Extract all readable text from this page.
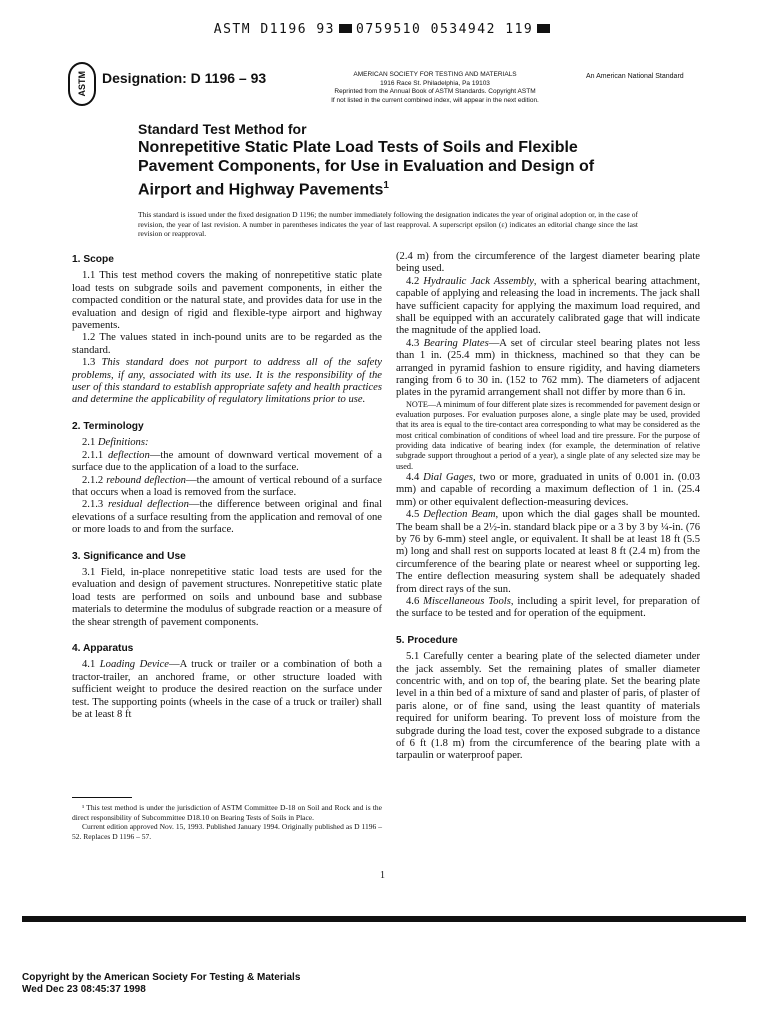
ASTM D1196 93 0759510 0534942 119
ASTM Designation: D 1196 – 93	AMERICAN SOCIETY FOR TESTING AND MATERIALS
1916 Race St. Philadelphia, Pa 19103
Reprinted from the Annual Book of ASTM Standards. Copyright ASTM
If not listed in the current combined index, will appear in the next edition.
An American National Standard
Standard Test Method for
Nonrepetitive Static Plate Load Tests of Soils and Flexible
Pavement Components, for Use in Evaluation and Design of
Airport and Highway Pavements$^1$
This standard is issued under the fixed designation D 1196; the number immediately following the designation indicates the year of original adoption or, in the case of revision, the year of last revision. A number in parentheses indicates the year of last reapproval. A superscript epsilon (ε) indicates an editorial change since the last revision or reapproval.
1. Scope

1.1 This test method covers the making of nonrepetitive static plate load tests on subgrade soils and pavement components, in either the compacted condition or the natural state, and provides data for use in the evaluation and design of rigid and flexible-type airport and highway pavements.

1.2 The values stated in inch-pound units are to be regarded as the standard.

1.3 This standard does not purport to address all of the safety problems, if any, associated with its use. It is the responsibility of the user of this standard to establish appropriate safety and health practices and determine the applicability of regulatory limitations prior to use.

2. Terminology

2.1 Definitions:

2.1.1 deflection—the amount of downward vertical movement of a surface due to the application of a load to the surface.

2.1.2 rebound deflection—the amount of vertical rebound of a surface that occurs when a load is removed from the surface.

2.1.3 residual deflection—the difference between original and final elevations of a surface resulting from the application and removal of one or more loads to and from the surface.

3. Significance and Use

3.1 Field, in-place nonrepetitive static load tests are used for the evaluation and design of pavement structures. Nonrepetitive static plate load tests are performed on soils and unbound base and subbase materials to determine the modulus of subgrade reaction or a measure of the shear strength of pavement components.

4. Apparatus

4.1 Loading Device—A truck or trailer or a combination of both a tractor-trailer, an anchored frame, or other structure loaded with sufficient weight to produce the desired reaction on the surface under test. The supporting points (wheels in the case of a truck or trailer) shall be at least 8 ft

¹ This test method is under the jurisdiction of ASTM Committee D-18 on Soil and Rock and is the direct responsibility of Subcommittee D18.10 on Bearing Tests of Soils in Place.

Current edition approved Nov. 15, 1993. Published January 1994. Originally published as D 1196 – 52. Replaces D 1196 – 57.

(2.4 m) from the circumference of the largest diameter bearing plate being used.

4.2 Hydraulic Jack Assembly, with a spherical bearing attachment, capable of applying and releasing the load in increments. The jack shall have sufficient capacity for applying the maximum load required, and shall be equipped with an accurately calibrated gage that will indicate the magnitude of the applied load.

4.3 Bearing Plates—A set of circular steel bearing plates not less than 1 in. (25.4 mm) in thickness, machined so that they can be arranged in pyramid fashion to ensure rigidity, and having diameters ranging from 6 to 30 in. (152 to 762 mm). The diameters of adjacent plates in the pyramid arrangement shall not differ by more than 6 in.

NOTE—A minimum of four different plate sizes is recommended for pavement design or evaluation purposes. For evaluation purposes alone, a single plate may be used, provided that its area is equal to the tire-contact area corresponding to what may be considered as the most critical combination of conditions of wheel load and tire pressure. For the purpose of providing data indicative of bearing index (for example, the determination of relative subgrade support throughout a period of a year), a single plate of any selected size may be used.

4.4 Dial Gages, two or more, graduated in units of 0.001 in. (0.03 mm) and capable of recording a maximum deflection of 1 in. (25.4 mm) or other equivalent deflection-measuring devices.

4.5 Deflection Beam, upon which the dial gages shall be mounted. The beam shall be a 2½-in. standard black pipe or a 3 by 3 by ¼-in. (76 by 76 by 6-mm) steel angle, or equivalent. It shall be at least 18 ft (5.5 m) long and shall rest on supports located at least 8 ft (2.4 m) from the circumference of the bearing plate or nearest wheel or supporting leg. The entire deflection measuring system shall be adequately shaded from direct rays of the sun.

4.6 Miscellaneous Tools, including a spirit level, for preparation of the surface to be tested and for operation of the equipment.

5. Procedure

5.1 Carefully center a bearing plate of the selected diameter under the jack assembly. Set the remaining plates of smaller diameter concentric with, and on top of, the bearing plate. Set the bearing plate level in a thin bed of a mixture of sand and plaster of paris, of plaster of paris alone, or of fine sand, using the least quantity of materials required for uniform bearing. To prevent loss of moisture from the subgrade during the load test, cover the exposed subgrade to a distance of 6 ft (1.8 m) from the circumference of the bearing plate with a tarpaulin or waterproof paper.

1
Copyright by the American Society For Testing & Materials
Wed Dec 23 08:45:37 1998
